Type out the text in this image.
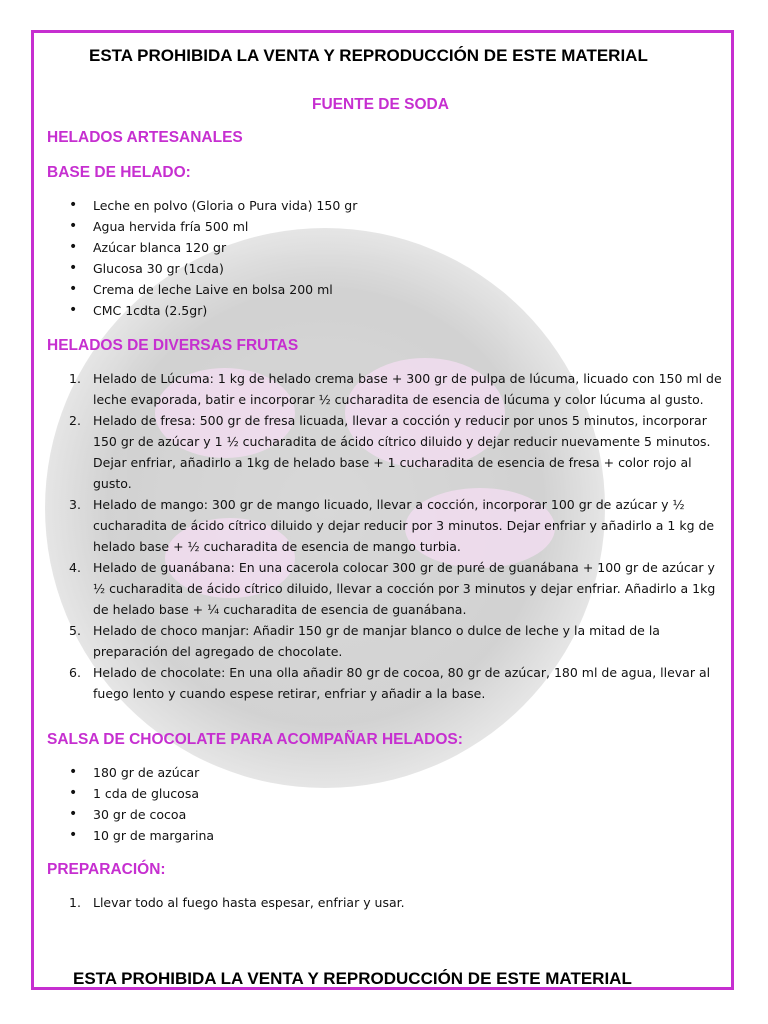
ESTA PROHIBIDA LA VENTA Y REPRODUCCIÓN DE ESTE MATERIAL
FUENTE DE SODA
HELADOS ARTESANALES
BASE DE HELADO:
• Leche en polvo (Gloria o Pura vida) 150 gr
• Agua hervida fría 500 ml
• Azúcar blanca 120 gr
• Glucosa 30 gr (1cda)
• Crema de leche Laive en bolsa 200 ml
• CMC 1cdta (2.5gr)
HELADOS DE DIVERSAS FRUTAS
1. Helado de Lúcuma: 1 kg de helado crema base + 300 gr de pulpa de lúcuma, licuado con 150 ml de leche evaporada, batir e incorporar ½ cucharadita de esencia de lúcuma y color lúcuma al gusto.
2. Helado de fresa: 500 gr de fresa licuada, llevar a cocción y reducir por unos 5 minutos, incorporar 150 gr de azúcar y 1 ½ cucharadita de ácido cítrico diluido y dejar reducir nuevamente 5 minutos. Dejar enfriar, añadirlo a 1kg de helado base + 1 cucharadita de esencia de fresa + color rojo al gusto.
3. Helado de mango: 300 gr de mango licuado, llevar a cocción, incorporar 100 gr de azúcar y ½ cucharadita de ácido cítrico diluido y dejar reducir por 3 minutos. Dejar enfriar y añadirlo a 1 kg de helado base + ½ cucharadita de esencia de mango turbia.
4. Helado de guanábana: En una cacerola colocar 300 gr de puré de guanábana + 100 gr de azúcar y ½ cucharadita de ácido cítrico diluido, llevar a cocción por 3 minutos y dejar enfriar. Añadirlo a 1kg de helado base + ¼ cucharadita de esencia de guanábana.
5. Helado de choco manjar: Añadir 150 gr de manjar blanco o dulce de leche y la mitad de la preparación del agregado de chocolate.
6. Helado de chocolate: En una olla añadir 80 gr de cocoa, 80 gr de azúcar, 180 ml de agua, llevar al fuego lento y cuando espese retirar, enfriar y añadir a la base.
SALSA DE CHOCOLATE PARA ACOMPAÑAR HELADOS:
• 180 gr de azúcar
• 1 cda de glucosa
• 30 gr de cocoa
• 10 gr de margarina
PREPARACIÓN:
1. Llevar todo al fuego hasta espesar, enfriar y usar.
ESTA PROHIBIDA LA VENTA Y REPRODUCCIÓN DE ESTE MATERIAL
